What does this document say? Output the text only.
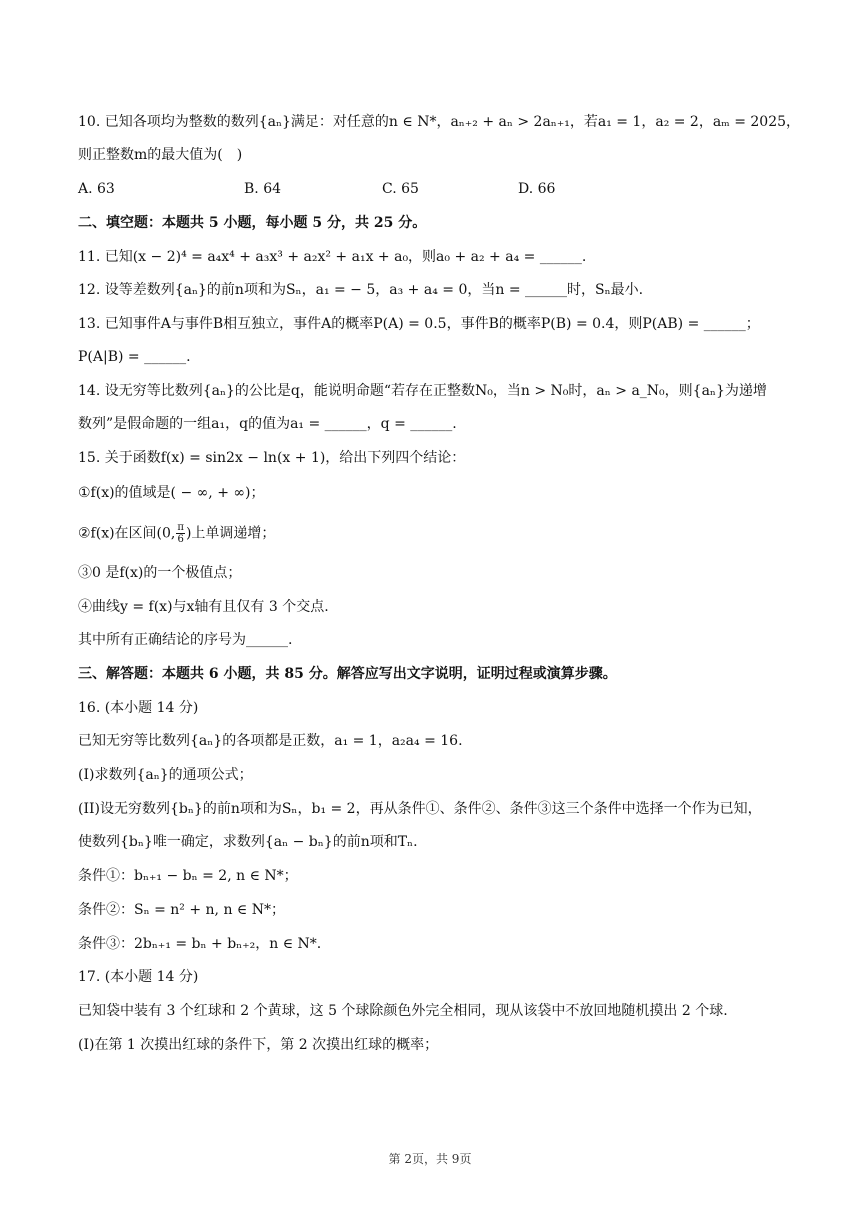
10. 已知各项均为整数的数列{aₙ}满足：对任意的n ∈ N*，aₙ₊₂ + aₙ > 2aₙ₊₁，若a₁ = 1，a₂ = 2，aₘ = 2025，
则正整数m的最大值为(　)
A. 63	B. 64	C. 65	D. 66
二、填空题：本题共 5 小题，每小题 5 分，共 25 分。
11. 已知(x − 2)⁴ = a₄x⁴ + a₃x³ + a₂x² + a₁x + a₀，则a₀ + a₂ + a₄ = ______.
12. 设等差数列{aₙ}的前n项和为Sₙ，a₁ = − 5，a₃ + a₄ = 0，当n = ______时，Sₙ最小.
13. 已知事件A与事件B相互独立，事件A的概率P(A) = 0.5，事件B的概率P(B) = 0.4，则P(AB) = ______；
P(A|B) = ______.
14. 设无穷等比数列{aₙ}的公比是q，能说明命题“若存在正整数N₀，当n > N₀时，aₙ > a_N₀，则{aₙ}为递增
数列”是假命题的一组a₁，q的值为a₁ = ______，q = ______.
15. 关于函数f(x) = sin2x − ln(x + 1)，给出下列四个结论：
①f(x)的值域是( − ∞, + ∞)；
②f(x)在区间(0, $\frac{\pi}{6}$ )上单调递增；
③0 是f(x)的一个极值点；
④曲线y = f(x)与x轴有且仅有 3 个交点.
其中所有正确结论的序号为______.
三、解答题：本题共 6 小题，共 85 分。解答应写出文字说明，证明过程或演算步骤。
16. (本小题 14 分)
已知无穷等比数列{aₙ}的各项都是正数，a₁ = 1，a₂a₄ = 16.
(I)求数列{aₙ}的通项公式；
(II)设无穷数列{bₙ}的前n项和为Sₙ，b₁ = 2，再从条件①、条件②、条件③这三个条件中选择一个作为已知，
使数列{bₙ}唯一确定，求数列{aₙ − bₙ}的前n项和Tₙ.
条件①：bₙ₊₁ − bₙ = 2, n ∈ N*；
条件②：Sₙ = n² + n, n ∈ N*；
条件③：2bₙ₊₁ = bₙ + bₙ₊₂，n ∈ N*.
17. (本小题 14 分)
已知袋中装有 3 个红球和 2 个黄球，这 5 个球除颜色外完全相同，现从该袋中不放回地随机摸出 2 个球.
(I)在第 1 次摸出红球的条件下，第 2 次摸出红球的概率；
第 2页，共 9页
